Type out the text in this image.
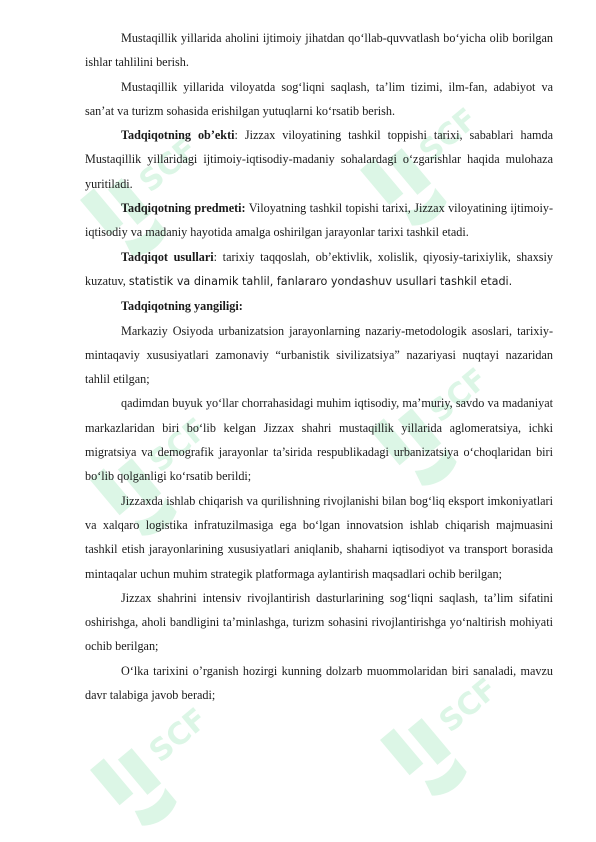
SCF

Mustaqillik yillarida aholini ijtimoiy jihatdan qo‘llab-quvvatlash bo‘yicha olib borilgan ishlar tahlilini berish.

Mustaqillik yillarida viloyatda sog‘liqni saqlash, ta’lim tizimi, ilm-fan, adabiyot va san’at va turizm sohasida erishilgan yutuqlarni ko‘rsatib berish.

Tadqiqotning ob’ekti: Jizzax viloyatining tashkil toppishi tarixi, sabablari hamda Mustaqillik yillaridagi ijtimoiy-iqtisodiy-madaniy sohalardagi o‘zgarishlar haqida mulohaza yuritiladi.

Tadqiqotning predmeti: Viloyatning tashkil topishi tarixi, Jizzax viloyatining ijtimoiy-iqtisodiy va madaniy hayotida amalga oshirilgan jarayonlar tarixi tashkil etadi.

Tadqiqot usullari: tarixiy taqqoslah, ob’ektivlik, xolislik, qiyosiy-tarixiylik, shaxsiy kuzatuv, statistik va dinamik tahlil, fanlararo yondashuv usullari tashkil etadi.

Tadqiqotning yangiligi:

Markaziy Osiyoda urbanizatsion jarayonlarning nazariy-metodologik asoslari, tarixiy-mintaqaviy xususiyatlari zamonaviy “urbanistik sivilizatsiya” nazariyasi nuqtayi nazaridan tahlil etilgan;

qadimdan buyuk yo‘llar chorrahasidagi muhim iqtisodiy, ma’muriy, savdo va madaniyat markazlaridan biri bo‘lib kelgan Jizzax shahri mustaqillik yillarida aglomeratsiya, ichki migratsiya va demografik jarayonlar ta’sirida respublikadagi urbanizatsiya o‘choqlaridan biri bo‘lib qolganligi ko‘rsatib berildi;

Jizzaxda ishlab chiqarish va qurilishning rivojlanishi bilan bog‘liq eksport imkoniyatlari va xalqaro logistika infratuzilmasiga ega bo‘lgan innovatsion ishlab chiqarish majmuasini tashkil etish jarayonlarining xususiyatlari aniqlanib, shaharni iqtisodiyot va transport borasida mintaqalar uchun muhim strategik platformaga aylantirish maqsadlari ochib berilgan;

Jizzax shahrini intensiv rivojlantirish dasturlarining sog‘liqni saqlash, ta’lim sifatini oshirishga, aholi bandligini ta’minlashga, turizm sohasini rivojlantirishga yo‘naltirish mohiyati ochib berilgan;

O‘lka tarixini o’rganish hozirgi kunning dolzarb muommolaridan biri sanaladi, mavzu davr talabiga javob beradi;
